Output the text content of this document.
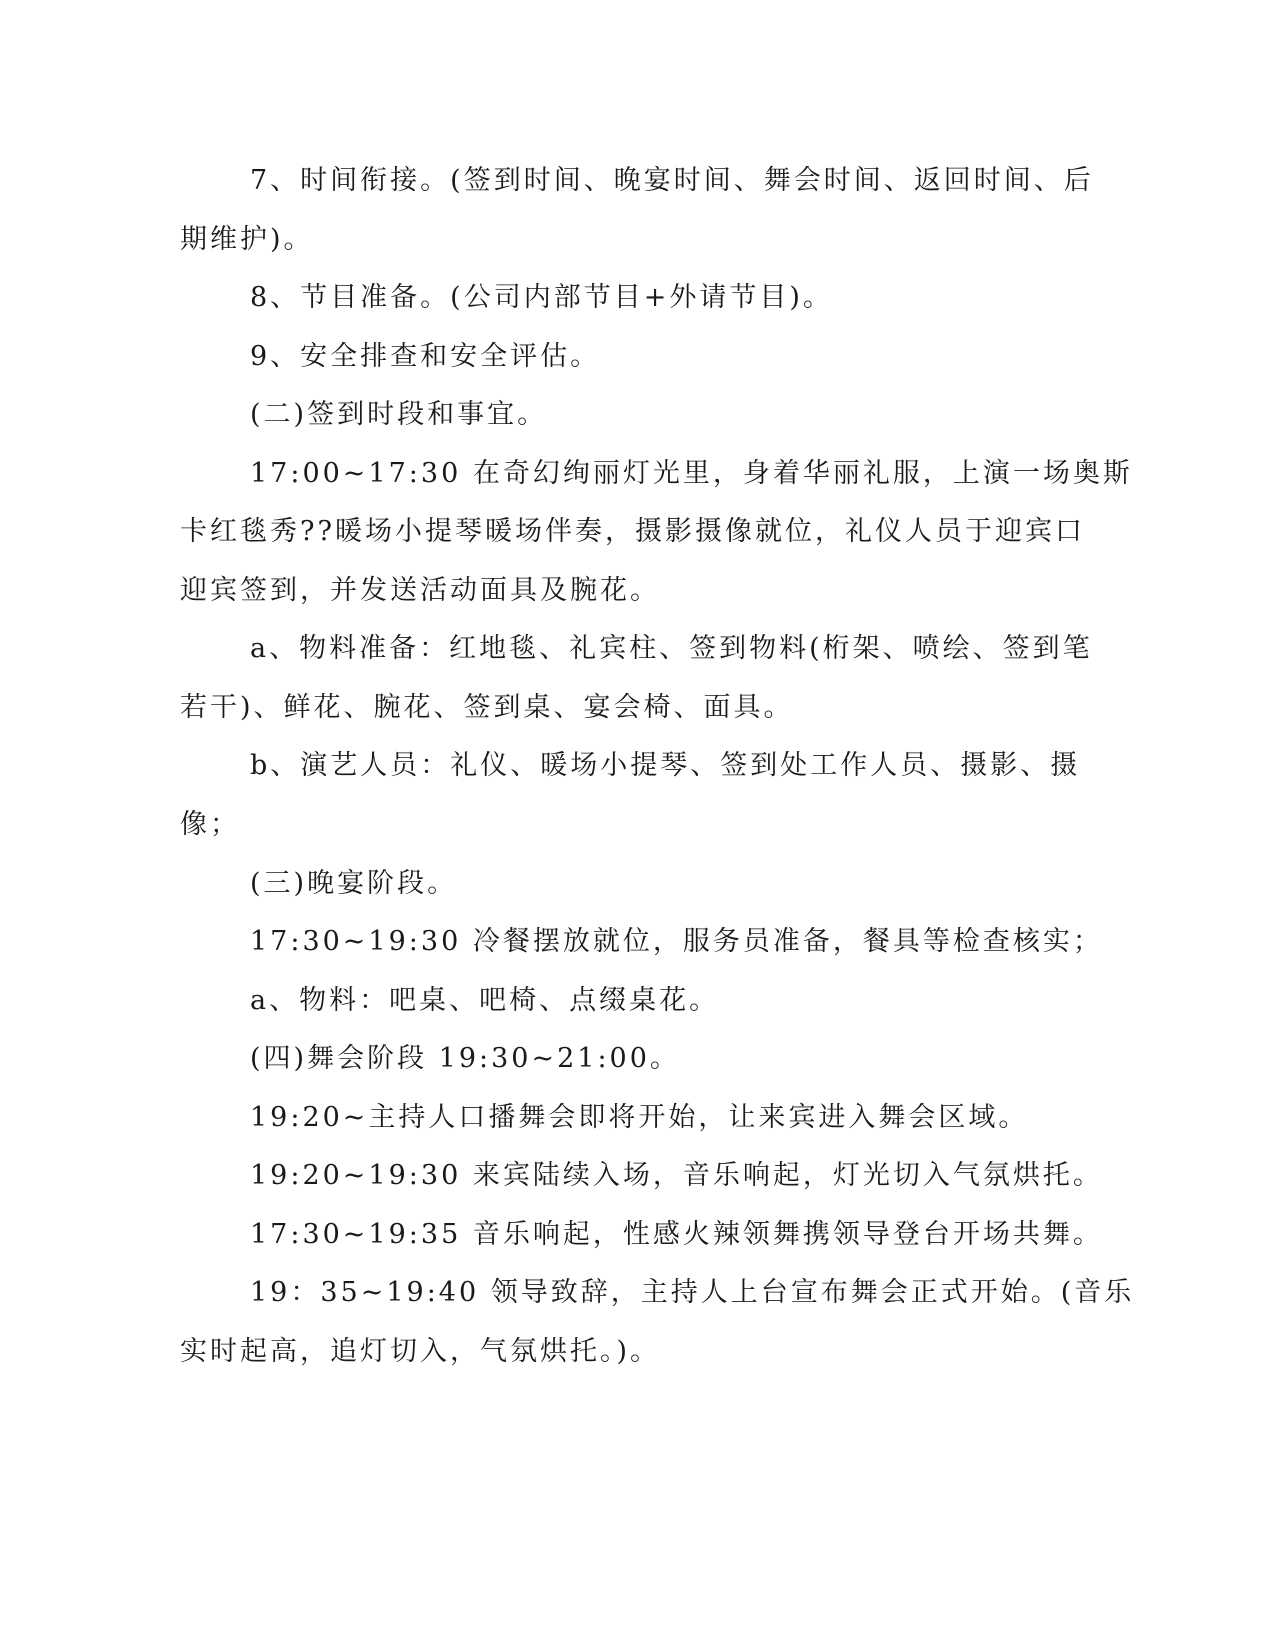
7、时间衔接。(签到时间、晚宴时间、舞会时间、返回时间、后
期维护)。
8、节目准备。(公司内部节目+外请节目)。
9、安全排查和安全评估。
(二)签到时段和事宜。
17:00~17:30 在奇幻绚丽灯光里，身着华丽礼服，上演一场奥斯
卡红毯秀??暖场小提琴暖场伴奏，摄影摄像就位，礼仪人员于迎宾口
迎宾签到，并发送活动面具及腕花。
a、物料准备：红地毯、礼宾柱、签到物料(桁架、喷绘、签到笔
若干)、鲜花、腕花、签到桌、宴会椅、面具。
b、演艺人员：礼仪、暖场小提琴、签到处工作人员、摄影、摄
像；
(三)晚宴阶段。
17:30~19:30 冷餐摆放就位，服务员准备，餐具等检查核实；
a、物料：吧桌、吧椅、点缀桌花。
(四)舞会阶段 19:30~21:00。
19:20~主持人口播舞会即将开始，让来宾进入舞会区域。
19:20~19:30 来宾陆续入场，音乐响起，灯光切入气氛烘托。
17:30~19:35 音乐响起，性感火辣领舞携领导登台开场共舞。
19：35~19:40 领导致辞，主持人上台宣布舞会正式开始。(音乐
实时起高，追灯切入，气氛烘托。)。
